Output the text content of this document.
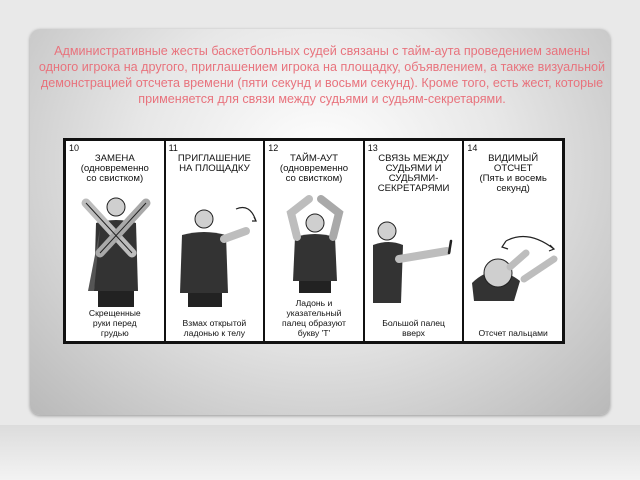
Административные жесты баскетбольных судей связаны с тайм-аута проведением замены одного игрока на другого, приглашением игрока на площадку, объявлением, а также визуальной демонстрацией отсчета времени (пяти секунд и восьми секунд). Кроме того, есть жест, которые применяется для связи между судьями и судьям-секретарями.

10
ЗАМЕНА
(одновременно
со свистком)
Скрещенные
руки перед
грудью
11
ПРИГЛАШЕНИЕ
НА ПЛОЩАДКУ
Взмах открытой
ладонью к телу
12
ТАЙМ-АУТ
(одновременно
со свистком)
Ладонь и
указательный
палец образуют
букву 'Т'
13
СВЯЗЬ МЕЖДУ
СУДЬЯМИ И
СУДЬЯМИ-
СЕКРЕТАРЯМИ
Большой палец
вверх
14
ВИДИМЫЙ
ОТСЧЕТ
(Пять и восемь
секунд)
Отсчет пальцами
